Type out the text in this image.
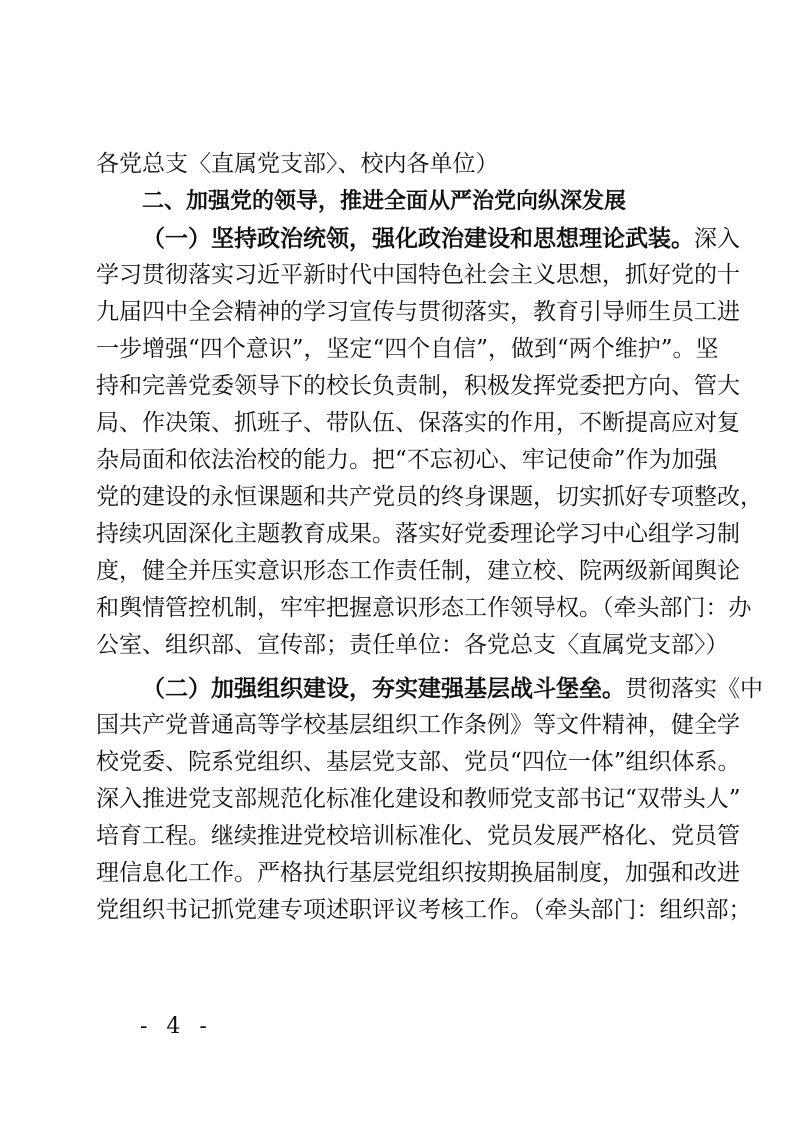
各党总支〈直属党支部〉、校内各单位）
二、加强党的领导，推进全面从严治党向纵深发展
（一）坚持政治统领，强化政治建设和思想理论武装。深入
学习贯彻落实习近平新时代中国特色社会主义思想，抓好党的十
九届四中全会精神的学习宣传与贯彻落实，教育引导师生员工进
一步增强“四个意识”，坚定“四个自信”，做到“两个维护”。坚
持和完善党委领导下的校长负责制，积极发挥党委把方向、管大
局、作决策、抓班子、带队伍、保落实的作用，不断提高应对复
杂局面和依法治校的能力。把“不忘初心、牢记使命”作为加强
党的建设的永恒课题和共产党员的终身课题，切实抓好专项整改，
持续巩固深化主题教育成果。落实好党委理论学习中心组学习制
度，健全并压实意识形态工作责任制，建立校、院两级新闻舆论
和舆情管控机制，牢牢把握意识形态工作领导权。（牵头部门：办
公室、组织部、宣传部；责任单位：各党总支〈直属党支部〉）
（二）加强组织建设，夯实建强基层战斗堡垒。贯彻落实《中
国共产党普通高等学校基层组织工作条例》等文件精神，健全学
校党委、院系党组织、基层党支部、党员“四位一体”组织体系。
深入推进党支部规范化标准化建设和教师党支部书记“双带头人”
培育工程。继续推进党校培训标准化、党员发展严格化、党员管
理信息化工作。严格执行基层党组织按期换届制度，加强和改进
党组织书记抓党建专项述职评议考核工作。（牵头部门：组织部；
- 4 -
